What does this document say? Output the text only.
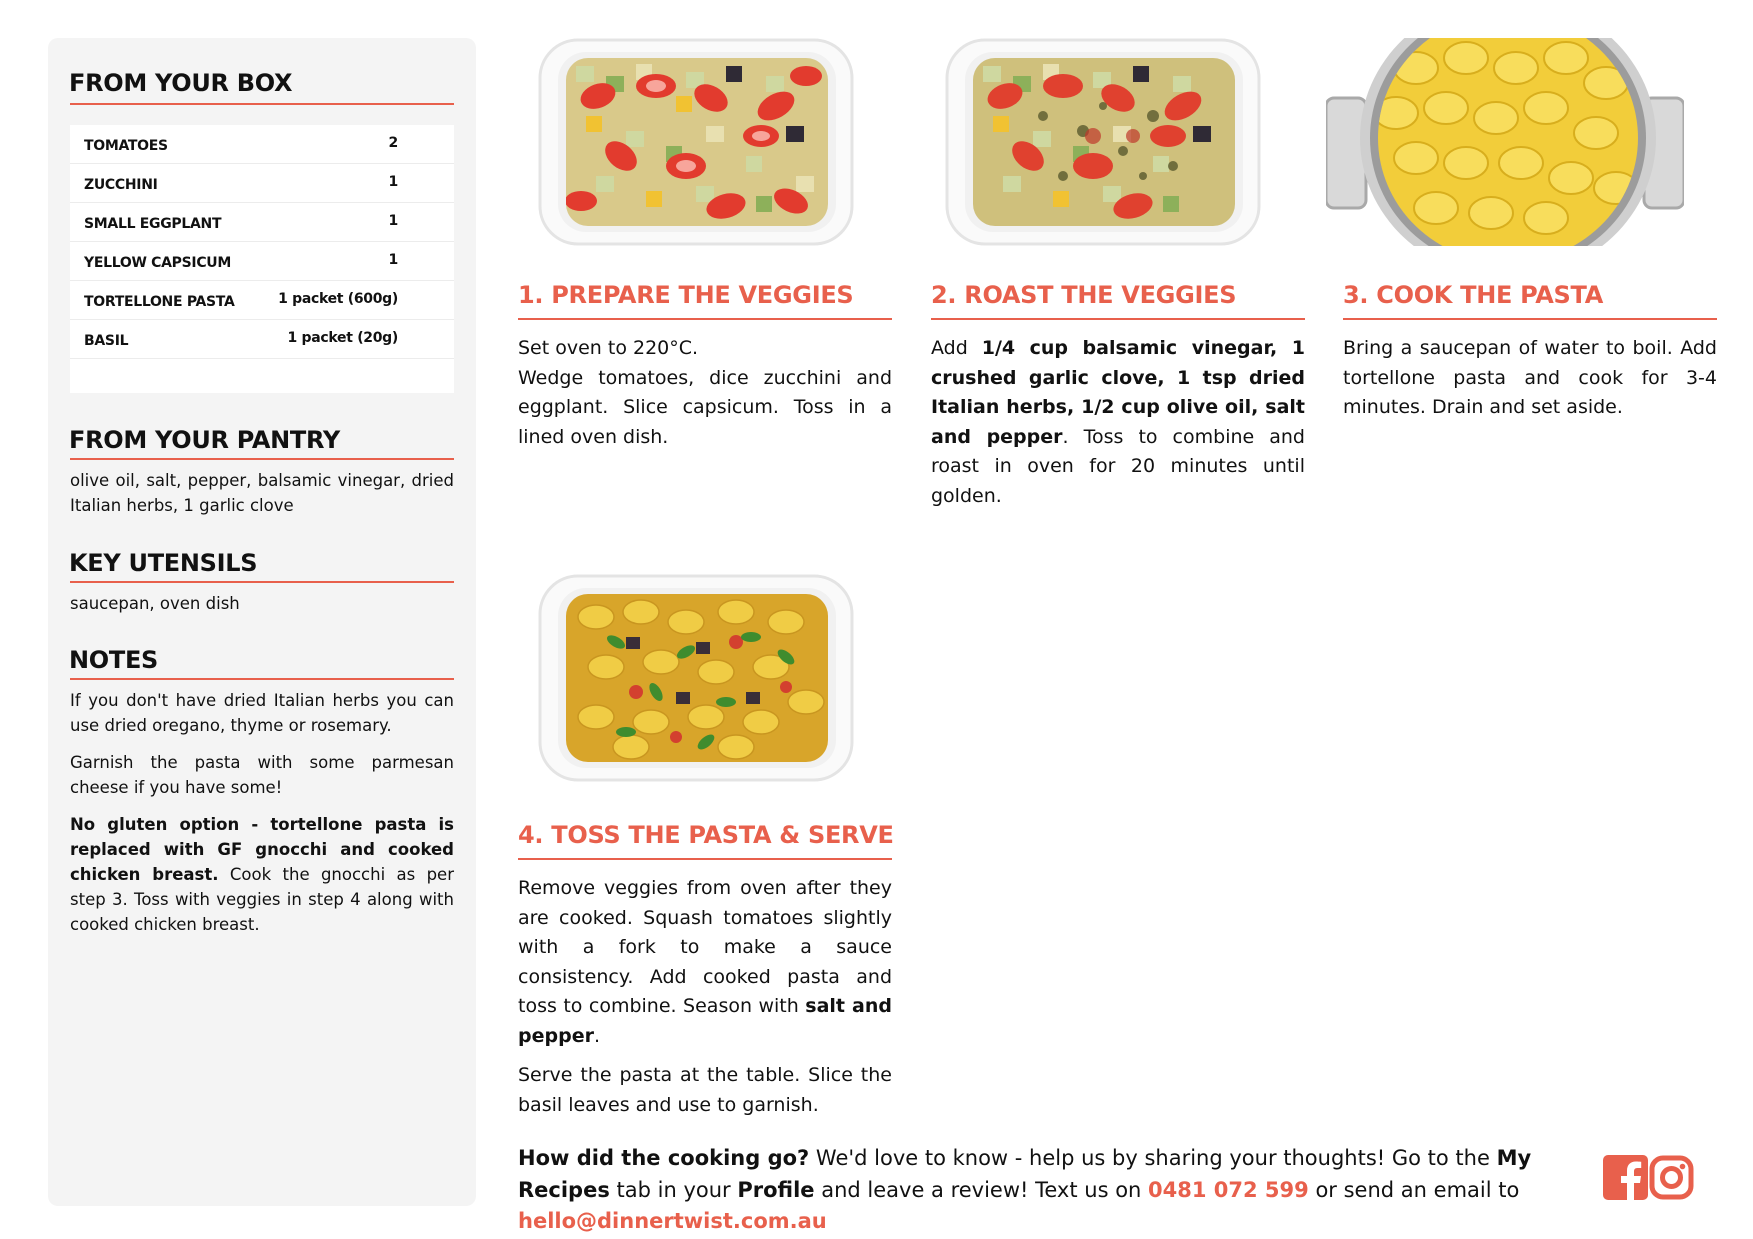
FROM YOUR BOX
TOMATOES	2
ZUCCHINI	1
SMALL EGGPLANT	1
YELLOW CAPSICUM	1
TORTELLONE PASTA	1 packet (600g)
BASIL	1 packet (20g)
FROM YOUR PANTRY
olive oil, salt, pepper, balsamic vinegar, dried Italian herbs, 1 garlic clove
KEY UTENSILS
saucepan, oven dish
NOTES
If you don't have dried Italian herbs you can use dried oregano, thyme or rosemary.
Garnish the pasta with some parmesan cheese if you have some!
No gluten option - tortellone pasta is replaced with GF gnocchi and cooked chicken breast. Cook the gnocchi as per step 3. Toss with veggies in step 4 along with cooked chicken breast.
1. PREPARE THE VEGGIES
Set oven to 220°C.
Wedge tomatoes, dice zucchini and eggplant. Slice capsicum. Toss in a lined oven dish.
2. ROAST THE VEGGIES
Add 1/4 cup balsamic vinegar, 1 crushed garlic clove, 1 tsp dried Italian herbs, 1/2 cup olive oil, salt and pepper. Toss to combine and roast in oven for 20 minutes until golden.
3. COOK THE PASTA
Bring a saucepan of water to boil. Add tortellone pasta and cook for 3-4 minutes. Drain and set aside.
4. TOSS THE PASTA & SERVE

Remove veggies from oven after they are cooked. Squash tomatoes slightly with a fork to make a sauce consistency. Add cooked pasta and toss to combine. Season with salt and pepper.

Serve the pasta at the table. Slice the basil leaves and use to garnish.

How did the cooking go? We'd love to know - help us by sharing your thoughts! Go to the My Recipes tab in your Profile and leave a review! Text us on 0481 072 599 or send an email to hello@dinnertwist.com.au
